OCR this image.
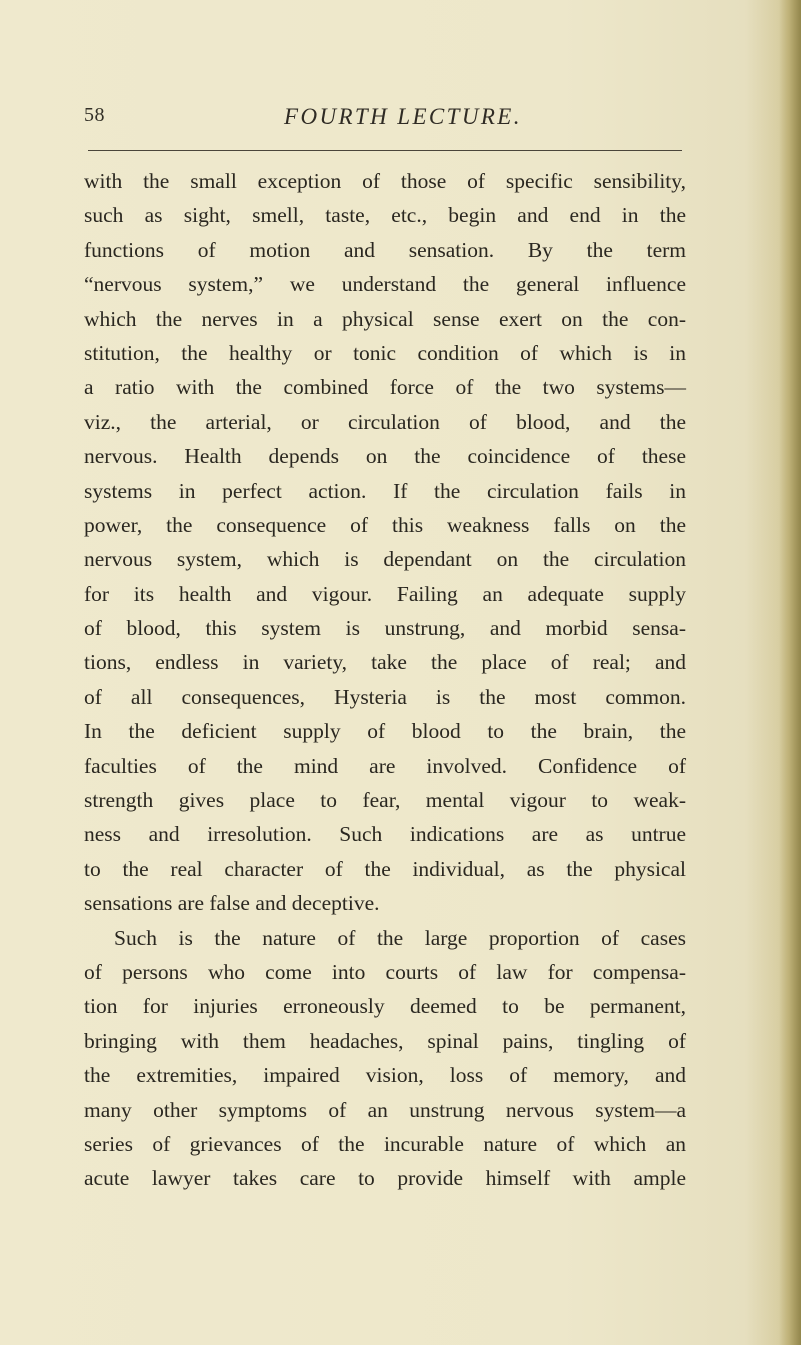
58	FOURTH LECTURE.
with the small exception of those of specific sensibility,
such as sight, smell, taste, etc., begin and end in the
functions of motion and sensation. By the term
“nervous system,” we understand the general influence
which the nerves in a physical sense exert on the con-
stitution, the healthy or tonic condition of which is in
a ratio with the combined force of the two systems—
viz., the arterial, or circulation of blood, and the
nervous. Health depends on the coincidence of these
systems in perfect action. If the circulation fails in
power, the consequence of this weakness falls on the
nervous system, which is dependant on the circulation
for its health and vigour. Failing an adequate supply
of blood, this system is unstrung, and morbid sensa-
tions, endless in variety, take the place of real; and
of all consequences, Hysteria is the most common.
In the deficient supply of blood to the brain, the
faculties of the mind are involved. Confidence of
strength gives place to fear, mental vigour to weak-
ness and irresolution. Such indications are as untrue
to the real character of the individual, as the physical
sensations are false and deceptive.
Such is the nature of the large proportion of cases
of persons who come into courts of law for compensa-
tion for injuries erroneously deemed to be permanent,
bringing with them headaches, spinal pains, tingling of
the extremities, impaired vision, loss of memory, and
many other symptoms of an unstrung nervous system—a
series of grievances of the incurable nature of which an
acute lawyer takes care to provide himself with ample
